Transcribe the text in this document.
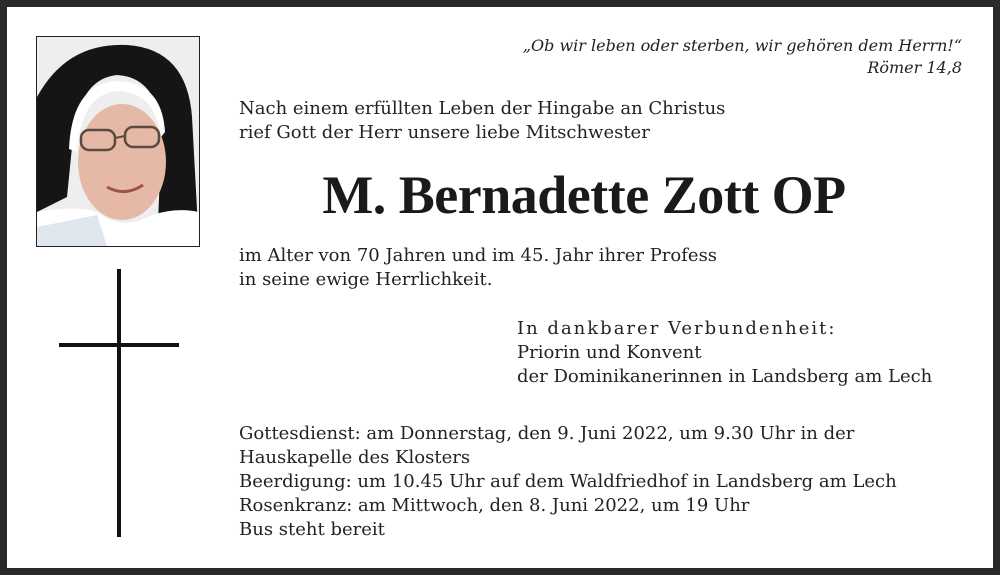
„Ob wir leben oder sterben, wir gehören dem Herrn!“
Römer 14,8
Nach einem erfüllten Leben der Hingabe an Christus
rief Gott der Herr unsere liebe Mitschwester
M. Bernadette Zott OP
im Alter von 70 Jahren und im 45. Jahr ihrer Profess
in seine ewige Herrlichkeit.
In dankbarer Verbundenheit:
Priorin und Konvent
der Dominikanerinnen in Landsberg am Lech
Gottesdienst: am Donnerstag, den 9. Juni 2022, um 9.30 Uhr in der
Hauskapelle des Klosters
Beerdigung: um 10.45 Uhr auf dem Waldfriedhof in Landsberg am Lech
Rosenkranz: am Mittwoch, den 8. Juni 2022, um 19 Uhr
Bus steht bereit
